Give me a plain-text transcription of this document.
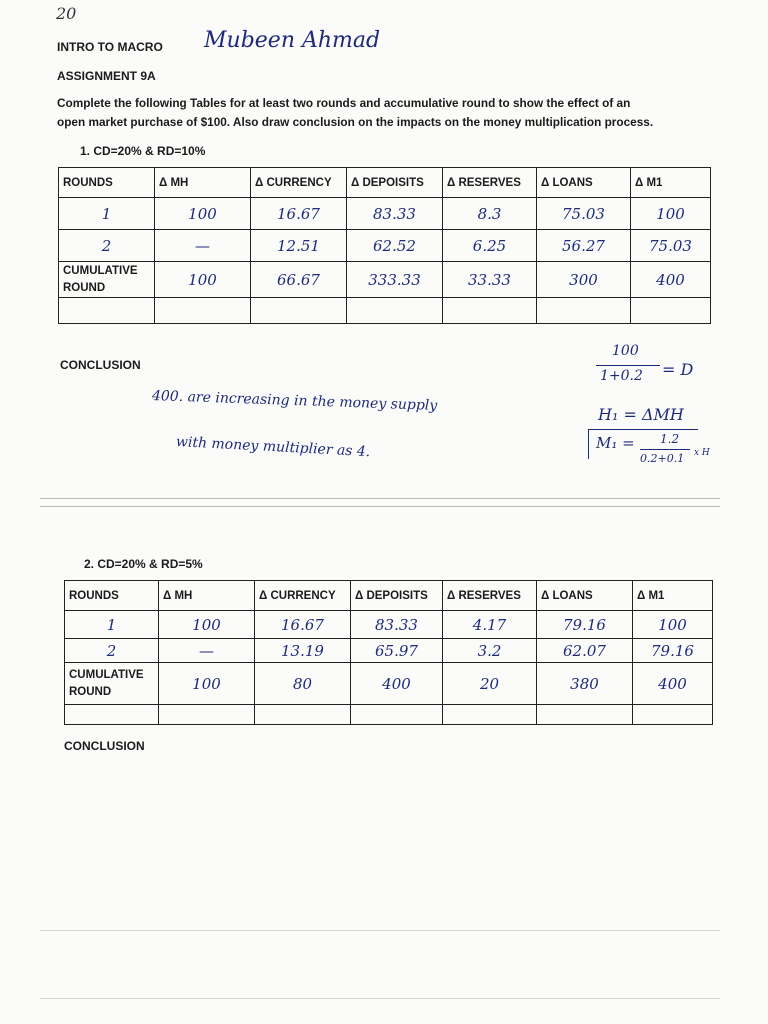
20
INTRO TO MACRO Mubeen Ahmad
ASSIGNMENT 9A
Complete the following Tables for at least two rounds and accumulative round to show the effect of an
open market purchase of $100. Also draw conclusion on the impacts on the money multiplication process.
1. CD=20% & RD=10%
ROUNDS	Δ MH	Δ CURRENCY	Δ DEPOISITS	Δ RESERVES	Δ LOANS	Δ M1
1	100	16.67	83.33	8.3	75.03	100
2	—	12.51	62.52	6.25	56.27	75.03
CUMULATIVE ROUND	100	66.67	333.33	33.33	300	400

CONCLUSION
400. are increasing in the money supply
with money multiplier as 4.
100
1+0.2 = D
H₁ = ΔMH
M₁ = 1.2
0.2+0.1 x H
2. CD=20% & RD=5%
ROUNDS	Δ MH	Δ CURRENCY	Δ DEPOISITS	Δ RESERVES	Δ LOANS	Δ M1
1	100	16.67	83.33	4.17	79.16	100
2	—	13.19	65.97	3.2	62.07	79.16
CUMULATIVE ROUND	100	80	400	20	380	400

CONCLUSION
